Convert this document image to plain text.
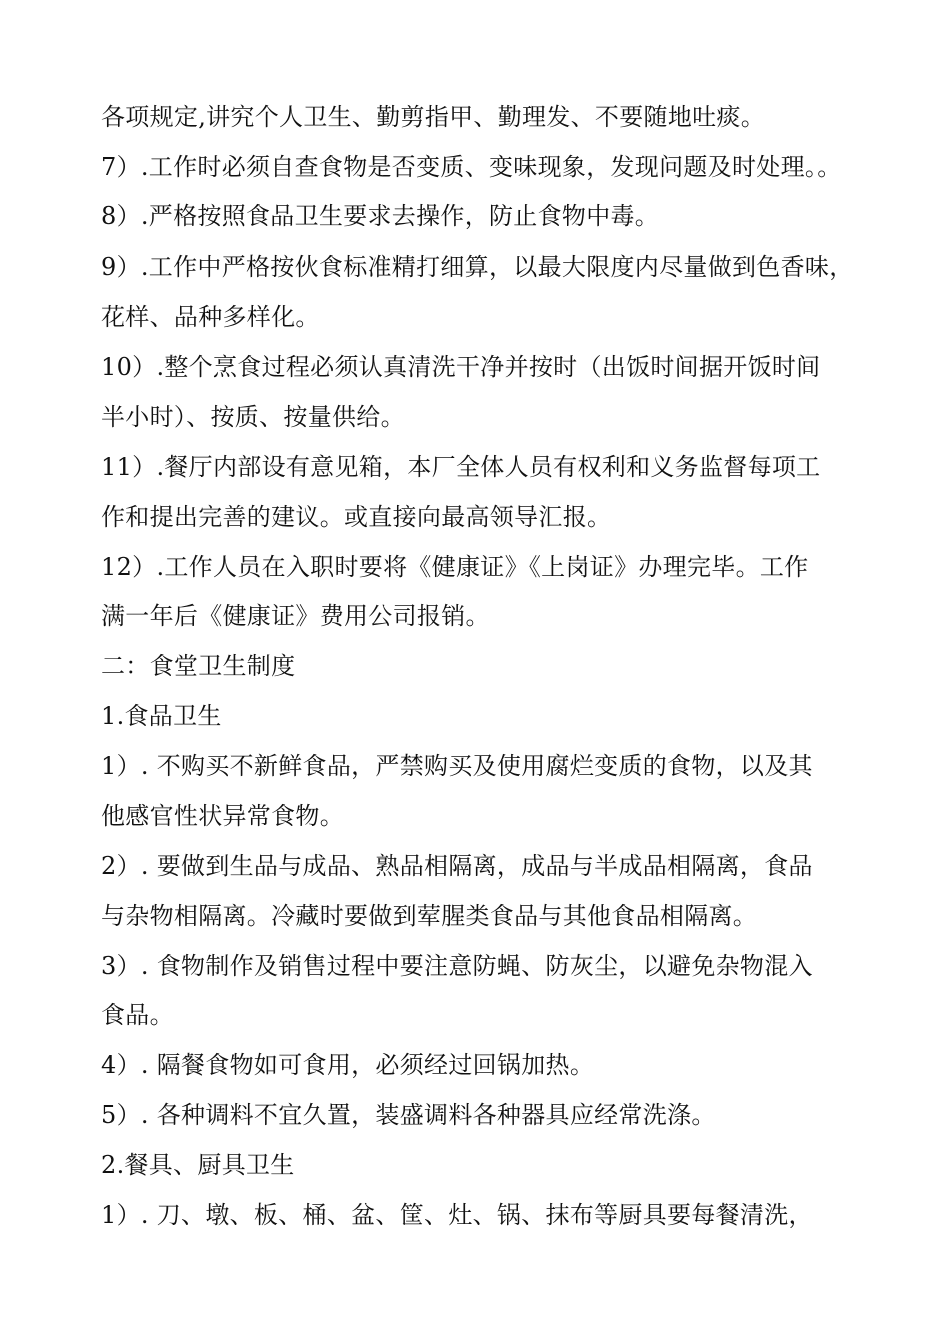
各项规定,讲究个人卫生、勤剪指甲、勤理发、不要随地吐痰。
7）.工作时必须自查食物是否变质、变味现象，发现问题及时处理。。
8）.严格按照食品卫生要求去操作，防止食物中毒。
9）.工作中严格按伙食标准精打细算，以最大限度内尽量做到色香味，
花样、品种多样化。
10）.整个烹食过程必须认真清洗干净并按时（出饭时间据开饭时间
半小时）、按质、按量供给。
11）.餐厅内部设有意见箱，本厂全体人员有权利和义务监督每项工
作和提出完善的建议。或直接向最高领导汇报。
12）.工作人员在入职时要将《健康证》《上岗证》办理完毕。工作
满一年后《健康证》费用公司报销。
二：食堂卫生制度
1.食品卫生
1）. 不购买不新鲜食品，严禁购买及使用腐烂变质的食物，以及其
他感官性状异常食物。
2）. 要做到生品与成品、熟品相隔离，成品与半成品相隔离，食品
与杂物相隔离。冷藏时要做到荤腥类食品与其他食品相隔离。
3）. 食物制作及销售过程中要注意防蝇、防灰尘，以避免杂物混入
食品。
4）. 隔餐食物如可食用，必须经过回锅加热。
5）. 各种调料不宜久置，装盛调料各种器具应经常洗涤。
2.餐具、厨具卫生
1）. 刀、墩、板、桶、盆、筐、灶、锅、抹布等厨具要每餐清洗，
